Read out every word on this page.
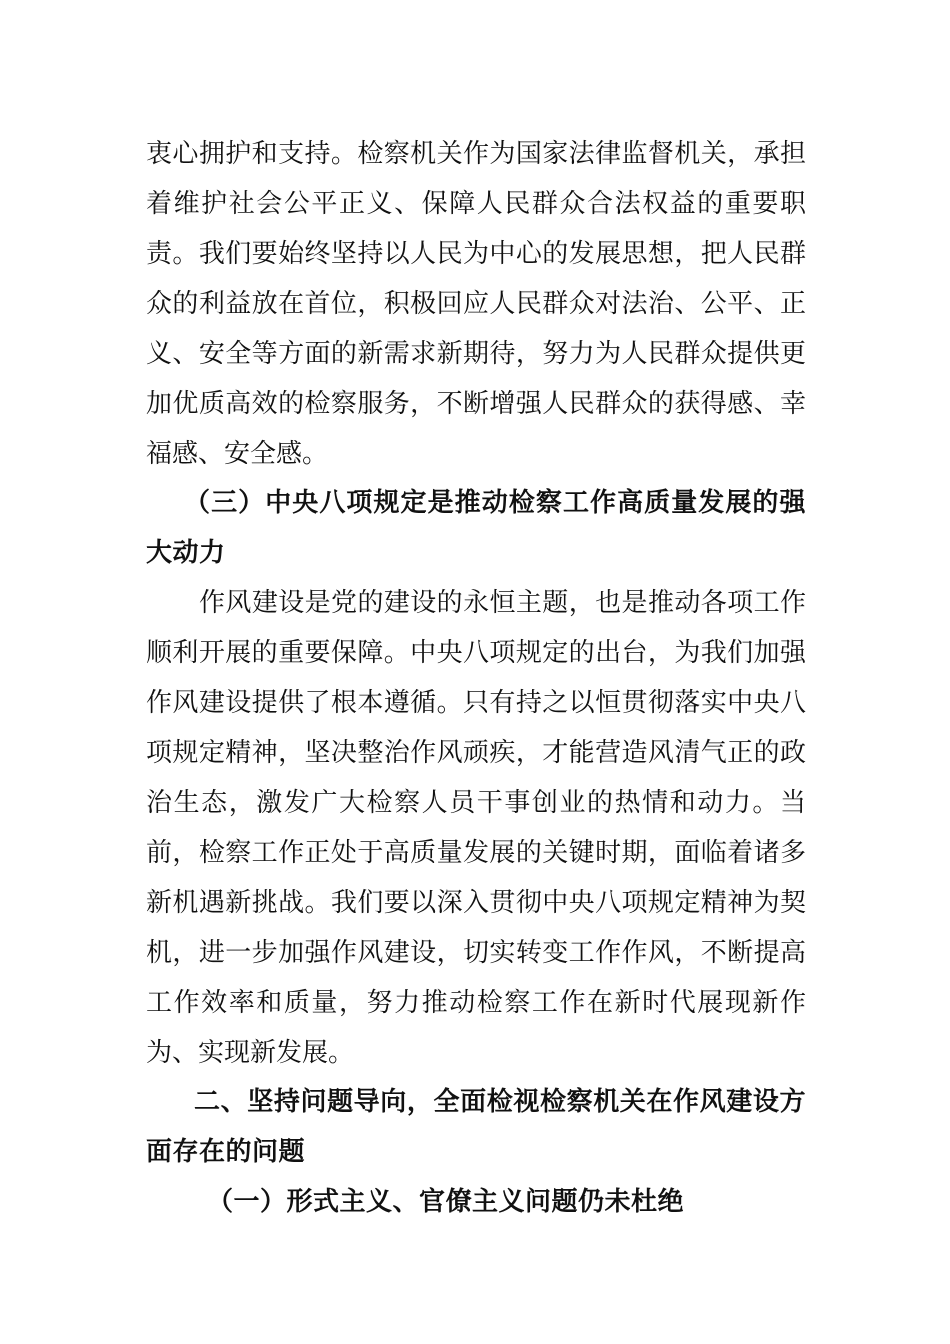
衷心拥护和支持。检察机关作为国家法律监督机关，承担
着维护社会公平正义、保障人民群众合法权益的重要职
责。我们要始终坚持以人民为中心的发展思想，把人民群
众的利益放在首位，积极回应人民群众对法治、公平、正
义、安全等方面的新需求新期待，努力为人民群众提供更
加优质高效的检察服务，不断增强人民群众的获得感、幸
福感、安全感。
（三）中央八项规定是推动检察工作高质量发展的强
大动力
作风建设是党的建设的永恒主题，也是推动各项工作
顺利开展的重要保障。中央八项规定的出台，为我们加强
作风建设提供了根本遵循。只有持之以恒贯彻落实中央八
项规定精神，坚决整治作风顽疾，才能营造风清气正的政
治生态，激发广大检察人员干事创业的热情和动力。当
前，检察工作正处于高质量发展的关键时期，面临着诸多
新机遇新挑战。我们要以深入贯彻中央八项规定精神为契
机，进一步加强作风建设，切实转变工作作风，不断提高
工作效率和质量，努力推动检察工作在新时代展现新作
为、实现新发展。
二、坚持问题导向，全面检视检察机关在作风建设方
面存在的问题
（一）形式主义、官僚主义问题仍未杜绝
